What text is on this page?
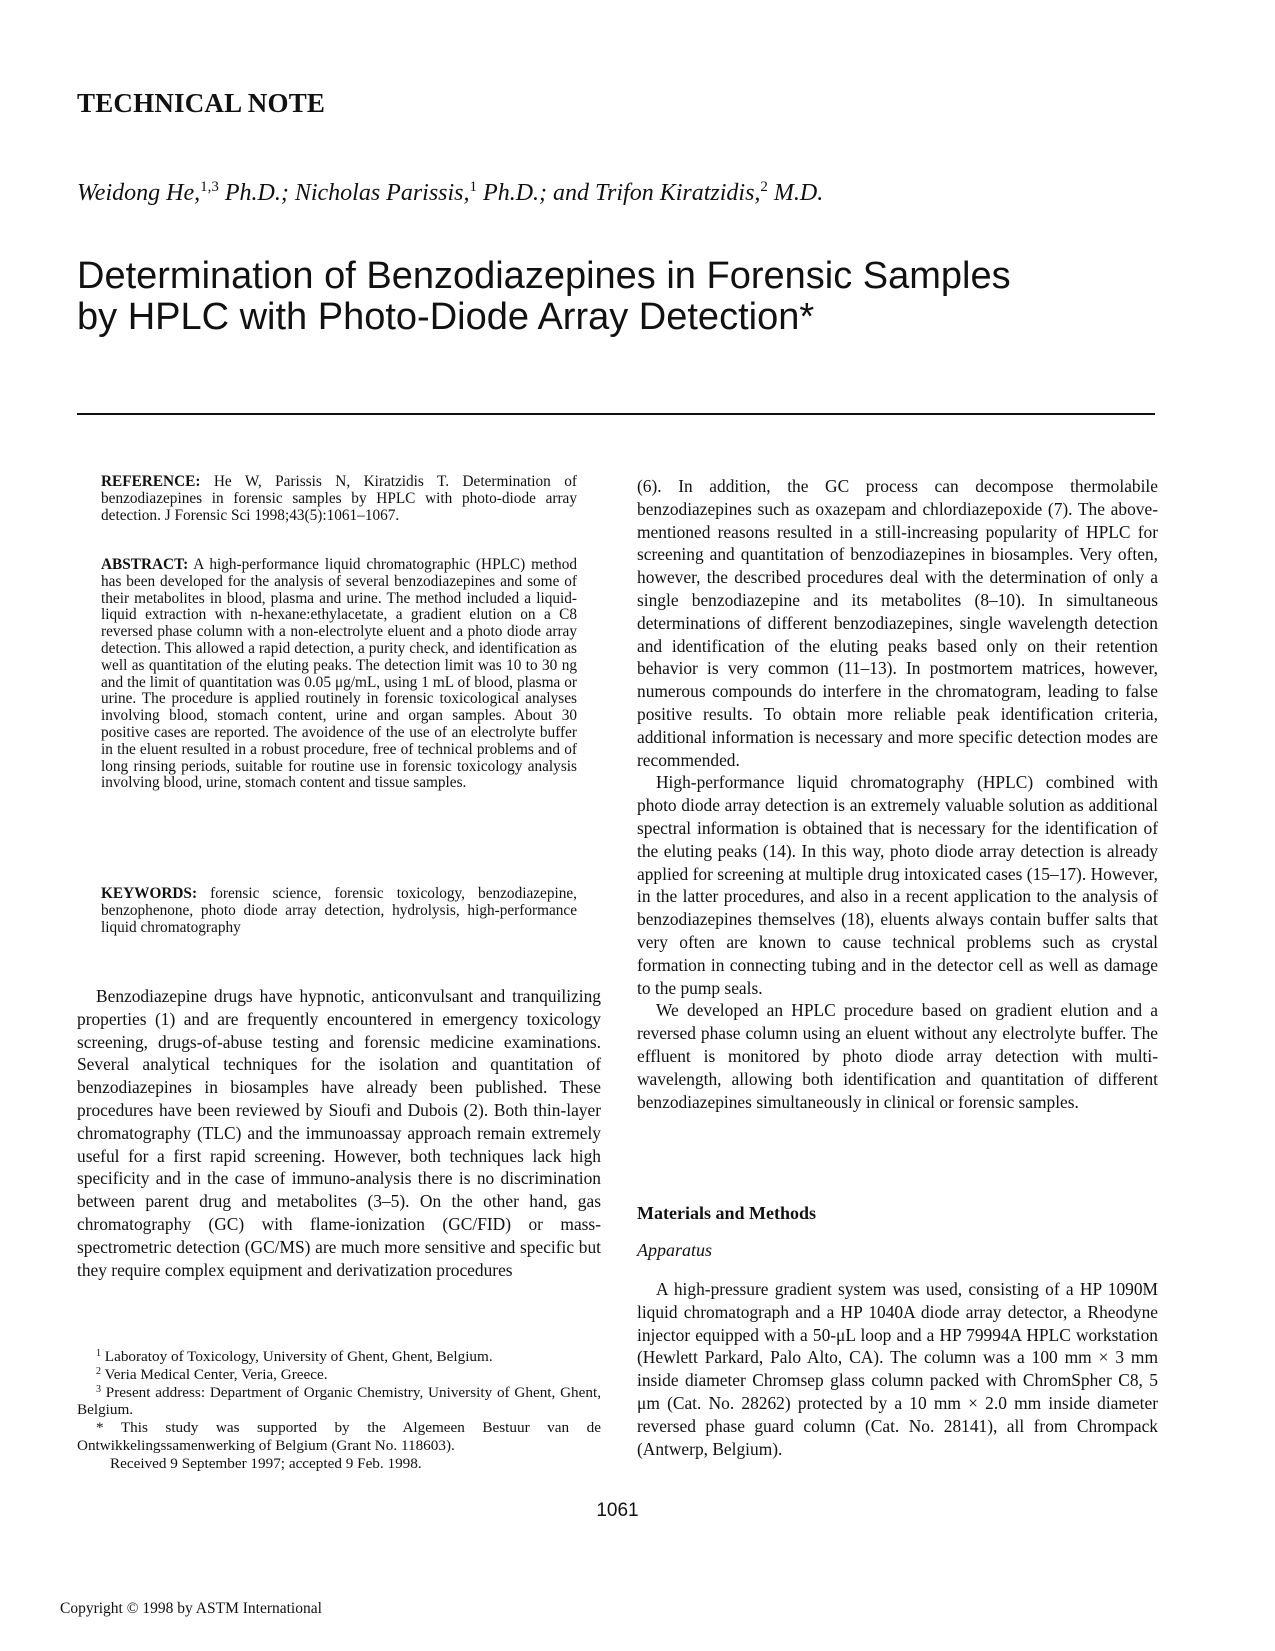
TECHNICAL NOTE
Weidong He,$^{1,3}$ Ph.D.; Nicholas Parissis,$^1$ Ph.D.; and Trifon Kiratzidis,$^2$ M.D.
Determination of Benzodiazepines in Forensic Samples
by HPLC with Photo-Diode Array Detection*
REFERENCE: He W, Parissis N, Kiratzidis T. Determination of benzodiazepines in forensic samples by HPLC with photo-diode array detection. J Forensic Sci 1998;43(5):1061–1067.
ABSTRACT: A high-performance liquid chromatographic (HPLC) method has been developed for the analysis of several benzodiazepines and some of their metabolites in blood, plasma and urine. The method included a liquid-liquid extraction with n-hexane:ethylacetate, a gradient elution on a C8 reversed phase column with a non-electrolyte eluent and a photo diode array detection. This allowed a rapid detection, a purity check, and identification as well as quantitation of the eluting peaks. The detection limit was 10 to 30 ng and the limit of quantitation was 0.05 μg/mL, using 1 mL of blood, plasma or urine. The procedure is applied routinely in forensic toxicological analyses involving blood, stomach content, urine and organ samples. About 30 positive cases are reported. The avoidence of the use of an electrolyte buffer in the eluent resulted in a robust procedure, free of technical problems and of long rinsing periods, suitable for routine use in forensic toxicology analysis involving blood, urine, stomach content and tissue samples.
KEYWORDS: forensic science, forensic toxicology, benzodiazepine, benzophenone, photo diode array detection, hydrolysis, high-performance liquid chromatography

Benzodiazepine drugs have hypnotic, anticonvulsant and tranquilizing properties (1) and are frequently encountered in emergency toxicology screening, drugs-of-abuse testing and forensic medicine examinations. Several analytical techniques for the isolation and quantitation of benzodiazepines in biosamples have already been published. These procedures have been reviewed by Sioufi and Dubois (2). Both thin-layer chromatography (TLC) and the immunoassay approach remain extremely useful for a first rapid screening. However, both techniques lack high specificity and in the case of immuno-analysis there is no discrimination between parent drug and metabolites (3–5). On the other hand, gas chromatography (GC) with flame-ionization (GC/FID) or mass-spectrometric detection (GC/MS) are much more sensitive and specific but they require complex equipment and derivatization procedures

(6). In addition, the GC process can decompose thermolabile benzodiazepines such as oxazepam and chlordiazepoxide (7). The above-mentioned reasons resulted in a still-increasing popularity of HPLC for screening and quantitation of benzodiazepines in biosamples. Very often, however, the described procedures deal with the determination of only a single benzodiazepine and its metabolites (8–10). In simultaneous determinations of different benzodiazepines, single wavelength detection and identification of the eluting peaks based only on their retention behavior is very common (11–13). In postmortem matrices, however, numerous compounds do interfere in the chromatogram, leading to false positive results. To obtain more reliable peak identification criteria, additional information is necessary and more specific detection modes are recommended.

High-performance liquid chromatography (HPLC) combined with photo diode array detection is an extremely valuable solution as additional spectral information is obtained that is necessary for the identification of the eluting peaks (14). In this way, photo diode array detection is already applied for screening at multiple drug intoxicated cases (15–17). However, in the latter procedures, and also in a recent application to the analysis of benzodiazepines themselves (18), eluents always contain buffer salts that very often are known to cause technical problems such as crystal formation in connecting tubing and in the detector cell as well as damage to the pump seals.

We developed an HPLC procedure based on gradient elution and a reversed phase column using an eluent without any electrolyte buffer. The effluent is monitored by photo diode array detection with multi-wavelength, allowing both identification and quantitation of different benzodiazepines simultaneously in clinical or forensic samples.

Materials and Methods
Apparatus

A high-pressure gradient system was used, consisting of a HP 1090M liquid chromatograph and a HP 1040A diode array detector, a Rheodyne injector equipped with a 50-μL loop and a HP 79994A HPLC workstation (Hewlett Parkard, Palo Alto, CA). The column was a 100 mm × 3 mm inside diameter Chromsep glass column packed with ChromSpher C8, 5 μm (Cat. No. 28262) protected by a 10 mm × 2.0 mm inside diameter reversed phase guard column (Cat. No. 28141), all from Chrompack (Antwerp, Belgium).

$^1$ Laboratoy of Toxicology, University of Ghent, Ghent, Belgium.

$^2$ Veria Medical Center, Veria, Greece.

$^3$ Present address: Department of Organic Chemistry, University of Ghent, Ghent, Belgium.

* This study was supported by the Algemeen Bestuur van de Ontwikkelingssamenwerking of Belgium (Grant No. 118603).

Received 9 September 1997; accepted 9 Feb. 1998.

1061
Copyright © 1998 by ASTM International
